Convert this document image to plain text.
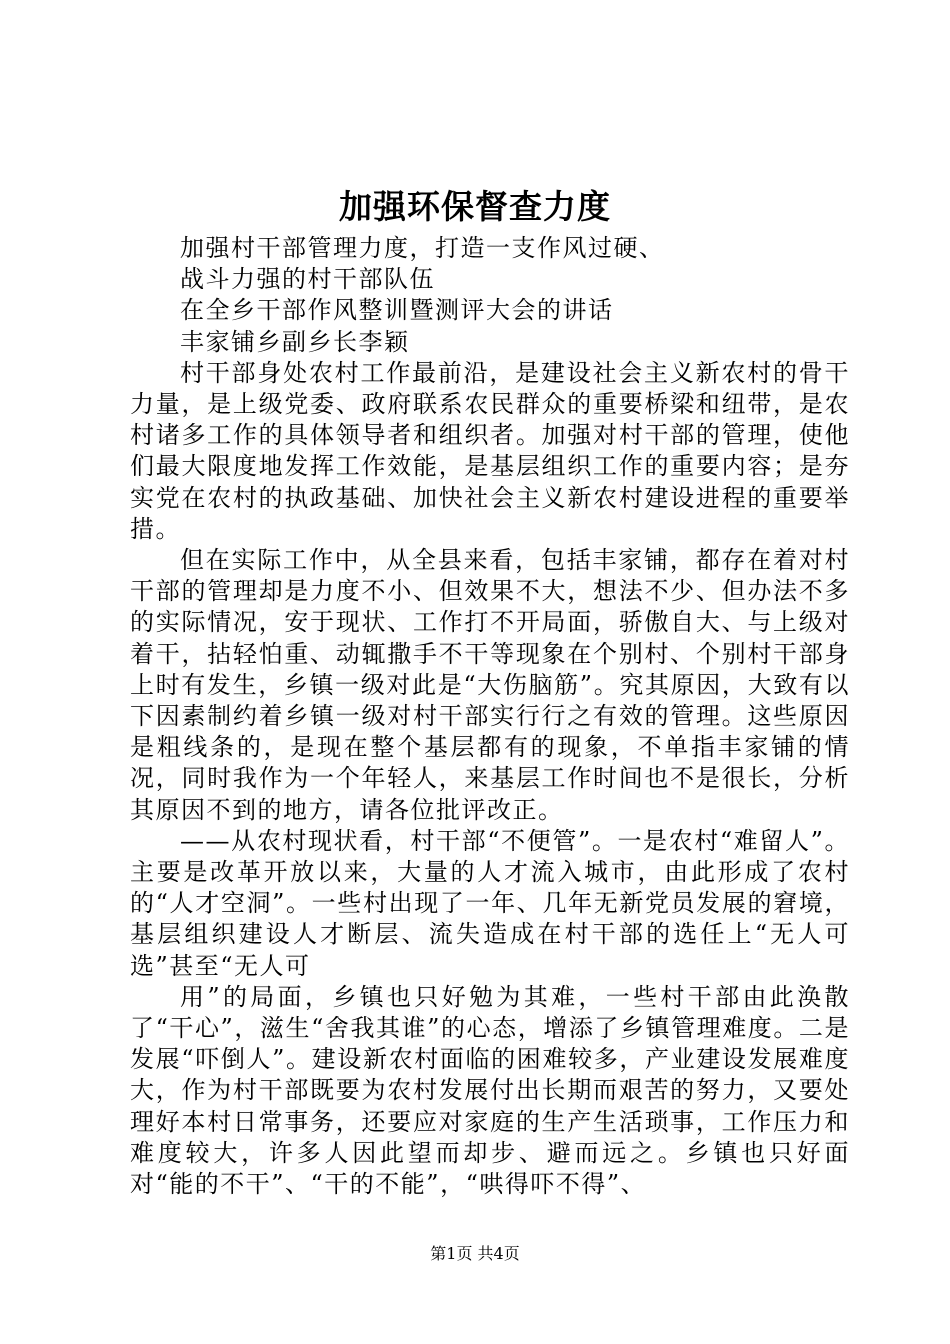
加强环保督查力度

加强村干部管理力度，打造一支作风过硬、

战斗力强的村干部队伍

在全乡干部作风整训暨测评大会的讲话

丰家铺乡副乡长李颖

村干部身处农村工作最前沿，是建设社会主义新农村的骨干力量，是上级党委、政府联系农民群众的重要桥梁和纽带，是农村诸多工作的具体领导者和组织者。加强对村干部的管理，使他们最大限度地发挥工作效能，是基层组织工作的重要内容；是夯实党在农村的执政基础、加快社会主义新农村建设进程的重要举措。

但在实际工作中，从全县来看，包括丰家铺，都存在着对村干部的管理却是力度不小、但效果不大，想法不少、但办法不多的实际情况，安于现状、工作打不开局面，骄傲自大、与上级对着干，拈轻怕重、动辄撒手不干等现象在个别村、个别村干部身上时有发生，乡镇一级对此是“大伤脑筋”。究其原因，大致有以下因素制约着乡镇一级对村干部实行行之有效的管理。这些原因是粗线条的，是现在整个基层都有的现象，不单指丰家铺的情况，同时我作为一个年轻人，来基层工作时间也不是很长，分析其原因不到的地方，请各位批评改正。

——从农村现状看，村干部“不便管”。一是农村“难留人”。主要是改革开放以来，大量的人才流入城市，由此形成了农村的“人才空洞”。一些村出现了一年、几年无新党员发展的窘境，基层组织建设人才断层、流失造成在村干部的选任上“无人可选”甚至“无人可

用”的局面，乡镇也只好勉为其难，一些村干部由此涣散了“干心”，滋生“舍我其谁”的心态，增添了乡镇管理难度。二是发展“吓倒人”。建设新农村面临的困难较多，产业建设发展难度大，作为村干部既要为农村发展付出长期而艰苦的努力，又要处理好本村日常事务，还要应对家庭的生产生活琐事，工作压力和难度较大，许多人因此望而却步、避而远之。乡镇也只好面对“能的不干”、“干的不能”，“哄得吓不得”、

第1页 共4页
